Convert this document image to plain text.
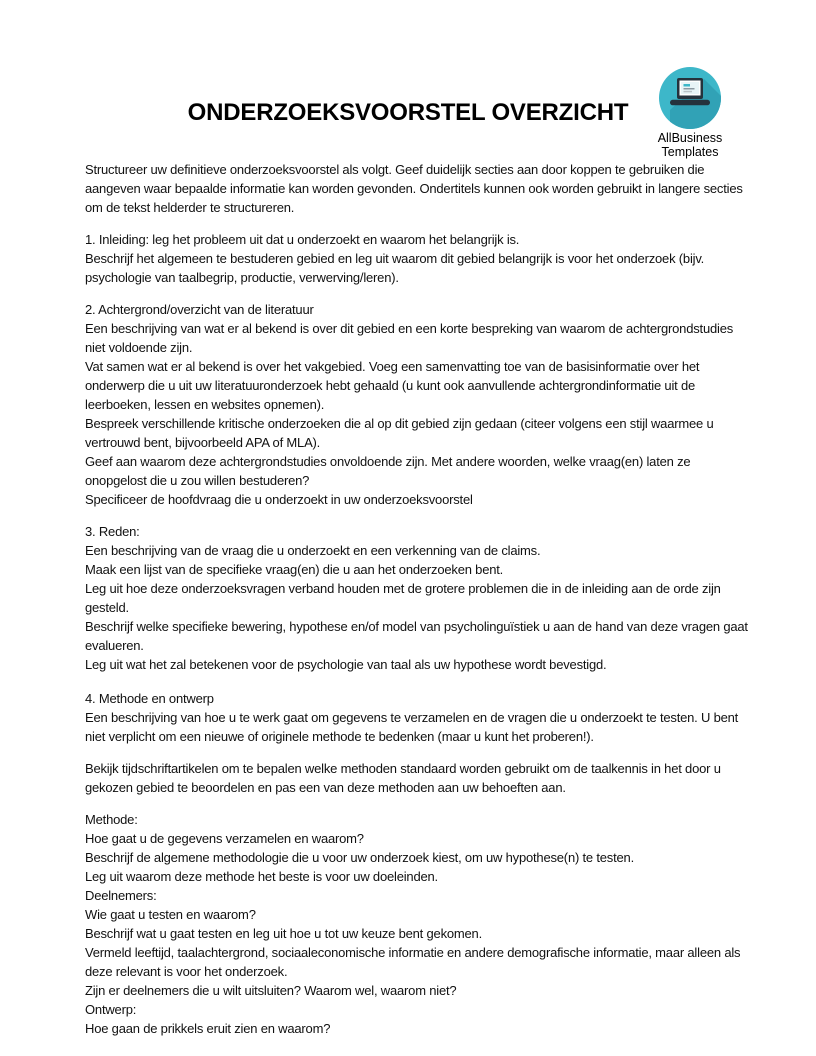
AllBusiness
Templates
ONDERZOEKSVOORSTEL OVERZICHT

Structureer uw definitieve onderzoeksvoorstel als volgt. Geef duidelijk secties aan door koppen te gebruiken die aangeven waar bepaalde informatie kan worden gevonden. Ondertitels kunnen ook worden gebruikt in langere secties om de tekst helderder te structureren.

1. Inleiding: leg het probleem uit dat u onderzoekt en waarom het belangrijk is.
Beschrijf het algemeen te bestuderen gebied en leg uit waarom dit gebied belangrijk is voor het onderzoek (bijv. psychologie van taalbegrip, productie, verwerving/leren).

2. Achtergrond/overzicht van de literatuur
Een beschrijving van wat er al bekend is over dit gebied en een korte bespreking van waarom de achtergrondstudies niet voldoende zijn.
Vat samen wat er al bekend is over het vakgebied. Voeg een samenvatting toe van de basisinformatie over het onderwerp die u uit uw literatuuronderzoek hebt gehaald (u kunt ook aanvullende achtergrondinformatie uit de leerboeken, lessen en websites opnemen).
Bespreek verschillende kritische onderzoeken die al op dit gebied zijn gedaan (citeer volgens een stijl waarmee u vertrouwd bent, bijvoorbeeld APA of MLA).
Geef aan waarom deze achtergrondstudies onvoldoende zijn. Met andere woorden, welke vraag(en) laten ze onopgelost die u zou willen bestuderen?
Specificeer de hoofdvraag die u onderzoekt in uw onderzoeksvoorstel

3. Reden:
Een beschrijving van de vraag die u onderzoekt en een verkenning van de claims.
Maak een lijst van de specifieke vraag(en) die u aan het onderzoeken bent.
Leg uit hoe deze onderzoeksvragen verband houden met de grotere problemen die in de inleiding aan de orde zijn gesteld.
Beschrijf welke specifieke bewering, hypothese en/of model van psycholinguïstiek u aan de hand van deze vragen gaat evalueren.
Leg uit wat het zal betekenen voor de psychologie van taal als uw hypothese wordt bevestigd.

4. Methode en ontwerp
Een beschrijving van hoe u te werk gaat om gegevens te verzamelen en de vragen die u onderzoekt te testen. U bent niet verplicht om een nieuwe of originele methode te bedenken (maar u kunt het proberen!).

Bekijk tijdschriftartikelen om te bepalen welke methoden standaard worden gebruikt om de taalkennis in het door u gekozen gebied te beoordelen en pas een van deze methoden aan uw behoeften aan.

Methode:
Hoe gaat u de gegevens verzamelen en waarom?
Beschrijf de algemene methodologie die u voor uw onderzoek kiest, om uw hypothese(n) te testen.
Leg uit waarom deze methode het beste is voor uw doeleinden.
Deelnemers:
Wie gaat u testen en waarom?
Beschrijf wat u gaat testen en leg uit hoe u tot uw keuze bent gekomen.
Vermeld leeftijd, taalachtergrond, sociaaleconomische informatie en andere demografische informatie, maar alleen als deze relevant is voor het onderzoek.
Zijn er deelnemers die u wilt uitsluiten? Waarom wel, waarom niet?
Ontwerp:
Hoe gaan de prikkels eruit zien en waarom?
